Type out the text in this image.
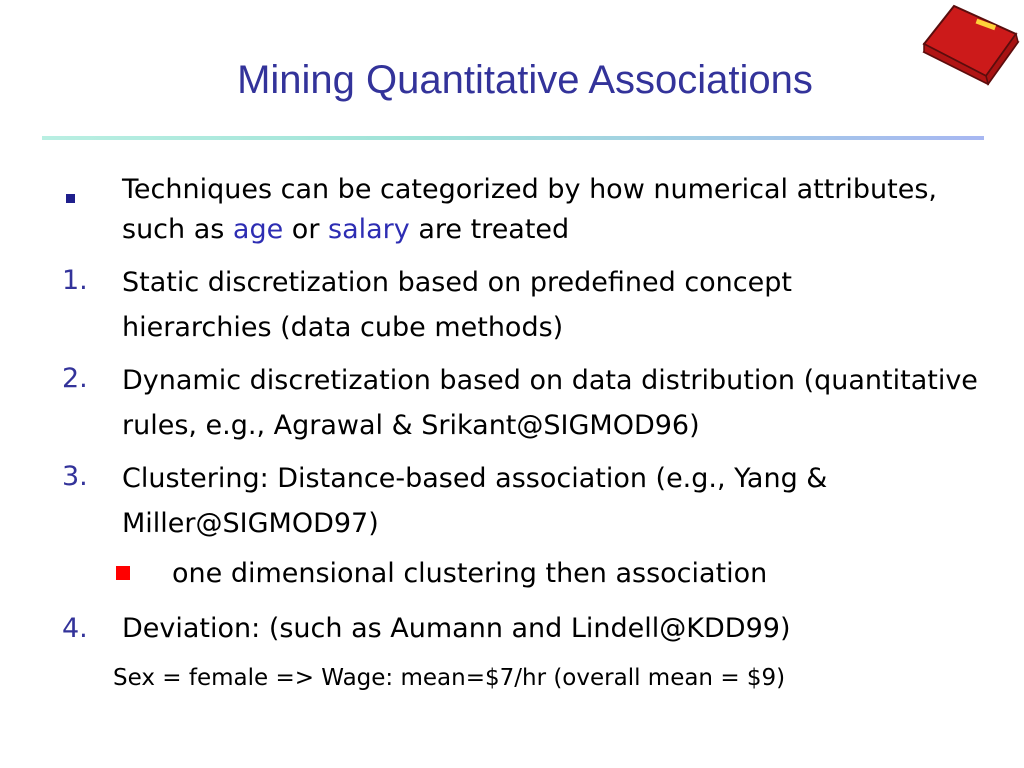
Mining Quantitative Associations
Techniques can be categorized by how numerical attributes, such as age or salary are treated
1. Static discretization based on predefined concept hierarchies (data cube methods)
2. Dynamic discretization based on data distribution (quantitative rules, e.g., Agrawal & Srikant@SIGMOD96)
3. Clustering: Distance-based association (e.g., Yang & Miller@SIGMOD97)
one dimensional clustering then association
4. Deviation: (such as Aumann and Lindell@KDD99)
Sex = female => Wage: mean=$7/hr (overall mean = $9)
